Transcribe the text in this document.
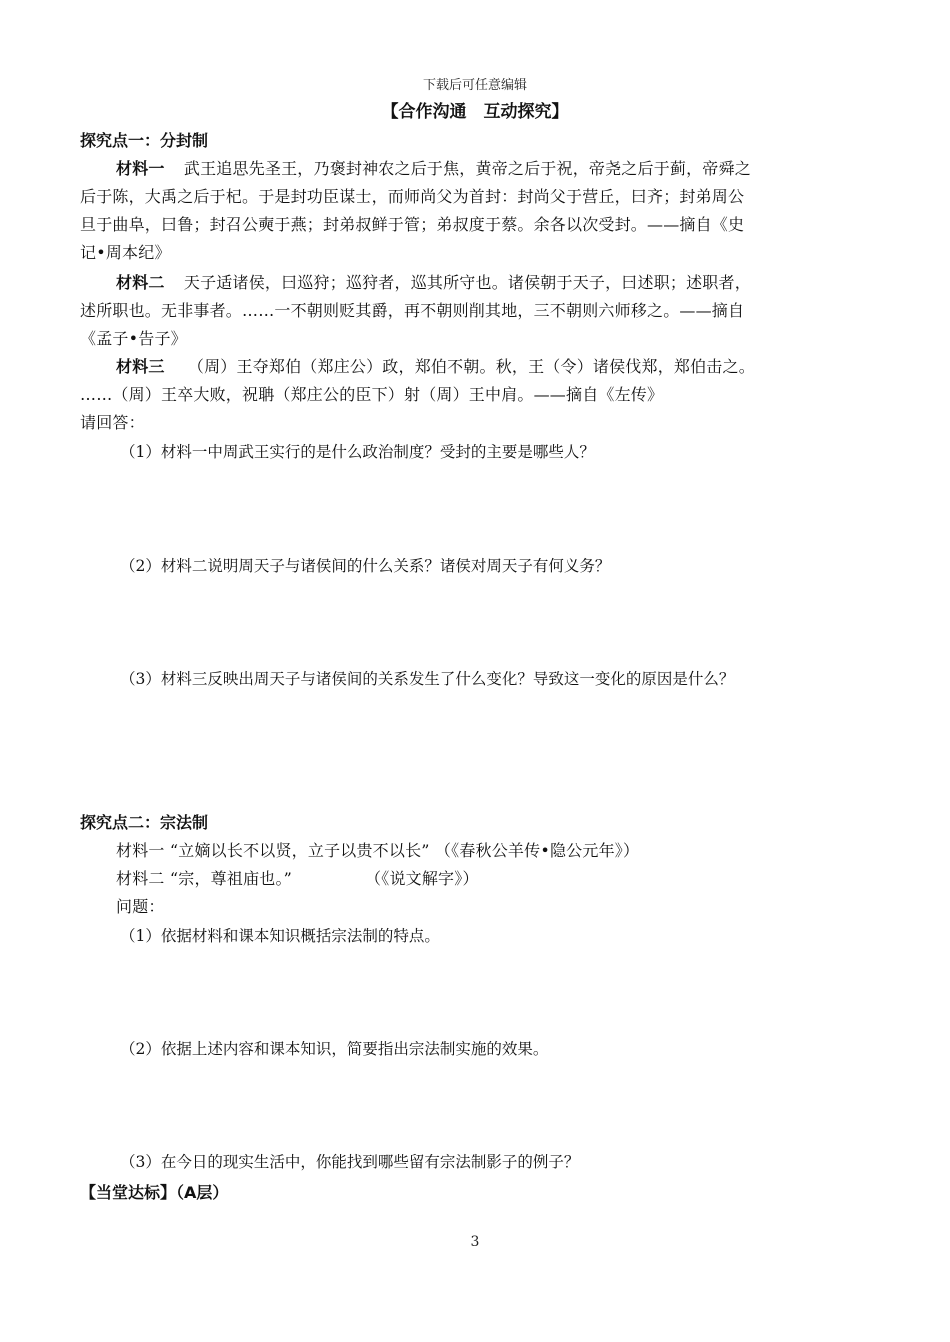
下载后可任意编辑
【合作沟通　互动探究】
探究点一：分封制
材料一 武王追思先圣王，乃褒封神农之后于焦，黄帝之后于祝，帝尧之后于蓟，帝舜之
后于陈，大禹之后于杞。于是封功臣谋士，而师尚父为首封：封尚父于营丘，曰齐；封弟周公
旦于曲阜，曰鲁；封召公奭于燕；封弟叔鲜于管；弟叔度于蔡。余各以次受封。——摘自《史
记•周本纪》
材料二 天子适诸侯，曰巡狩；巡狩者，巡其所守也。诸侯朝于天子，曰述职；述职者，
述所职也。无非事者。……一不朝则贬其爵，再不朝则削其地，三不朝则六师移之。——摘自
《孟子•告子》
材料三 （周）王夺郑伯（郑庄公）政，郑伯不朝。秋，王（令）诸侯伐郑，郑伯击之。
……（周）王卒大败，祝聃（郑庄公的臣下）射（周）王中肩。——摘自《左传》
请回答：
（1）材料一中周武王实行的是什么政治制度？受封的主要是哪些人？
（2）材料二说明周天子与诸侯间的什么关系？诸侯对周天子有何义务？
（3）材料三反映出周天子与诸侯间的关系发生了什么变化？导致这一变化的原因是什么？
探究点二：宗法制
材料一 “立嫡以长不以贤，立子以贵不以长” （《春秋公羊传•隐公元年》）
材料二 “宗，尊祖庙也。”　　　　　（《说文解字》）
问题：
（1）依据材料和课本知识概括宗法制的特点。
（2）依据上述内容和课本知识，简要指出宗法制实施的效果。
（3）在今日的现实生活中，你能找到哪些留有宗法制影子的例子？
【当堂达标】（A层）
3
